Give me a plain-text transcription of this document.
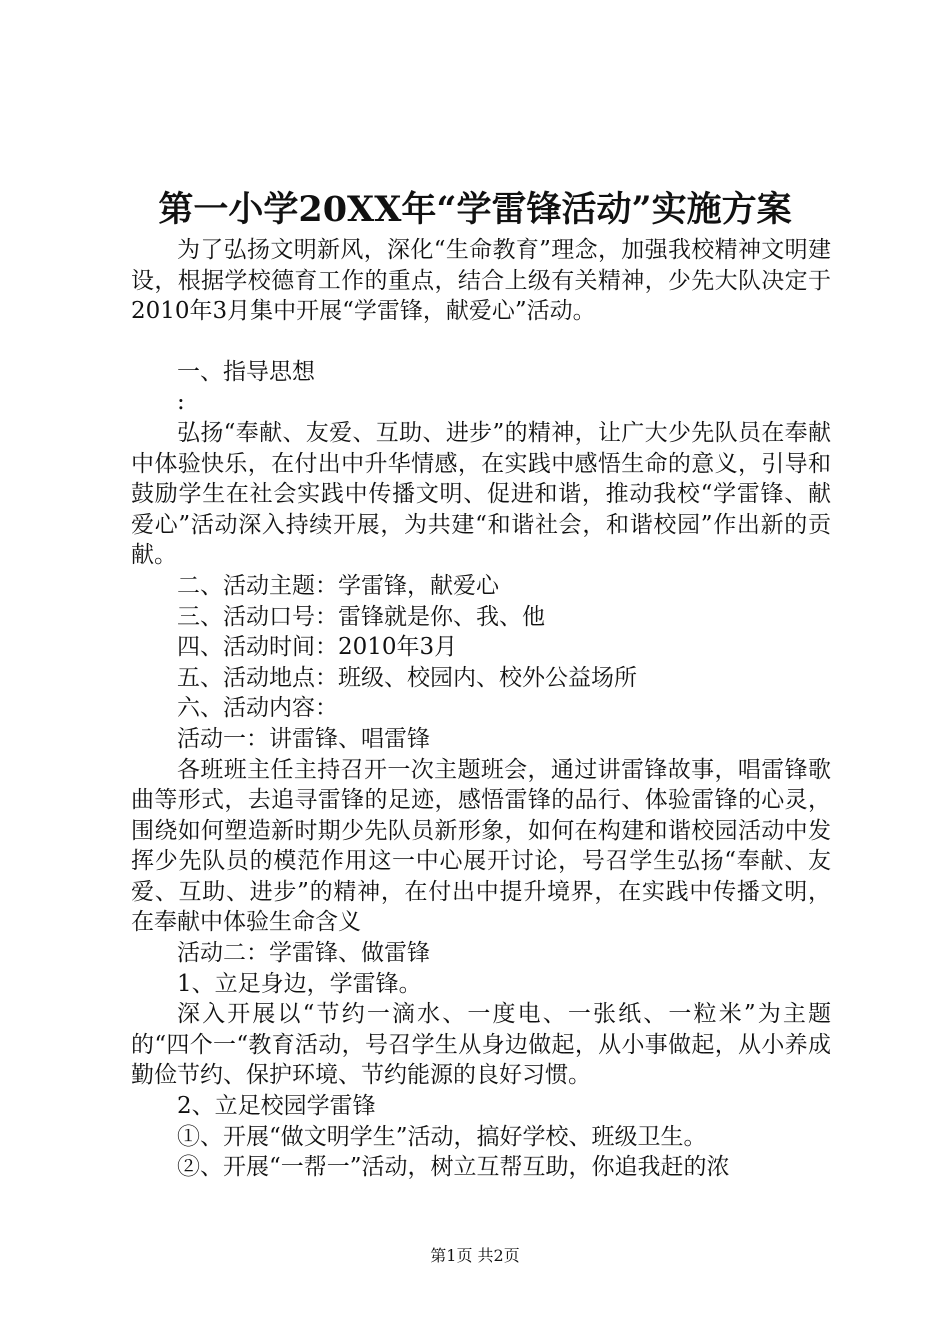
第一小学20XX年“学雷锋活动”实施方案

为了弘扬文明新风，深化“生命教育”理念，加强我校精神文明建设，根据学校德育工作的重点，结合上级有关精神，少先大队决定于2010年3月集中开展“学雷锋，献爱心”活动。

一、指导思想

:

弘扬“奉献、友爱、互助、进步”的精神，让广大少先队员在奉献中体验快乐，在付出中升华情感，在实践中感悟生命的意义，引导和鼓励学生在社会实践中传播文明、促进和谐，推动我校“学雷锋、献爱心”活动深入持续开展，为共建“和谐社会，和谐校园”作出新的贡献。

二、活动主题：学雷锋，献爱心

三、活动口号：雷锋就是你、我、他

四、活动时间：2010年3月

五、活动地点：班级、校园内、校外公益场所

六、活动内容：

活动一：讲雷锋、唱雷锋

各班班主任主持召开一次主题班会，通过讲雷锋故事，唱雷锋歌曲等形式，去追寻雷锋的足迹，感悟雷锋的品行、体验雷锋的心灵，围绕如何塑造新时期少先队员新形象，如何在构建和谐校园活动中发挥少先队员的模范作用这一中心展开讨论，号召学生弘扬“奉献、友爱、互助、进步”的精神，在付出中提升境界，在实践中传播文明，在奉献中体验生命含义

活动二：学雷锋、做雷锋

1、立足身边，学雷锋。

深入开展以“节约一滴水、一度电、一张纸、一粒米”为主题的“四个一“教育活动，号召学生从身边做起，从小事做起，从小养成勤俭节约、保护环境、节约能源的良好习惯。

2、立足校园学雷锋

①、开展“做文明学生”活动，搞好学校、班级卫生。

②、开展“一帮一”活动，树立互帮互助，你追我赶的浓

第1页 共2页
